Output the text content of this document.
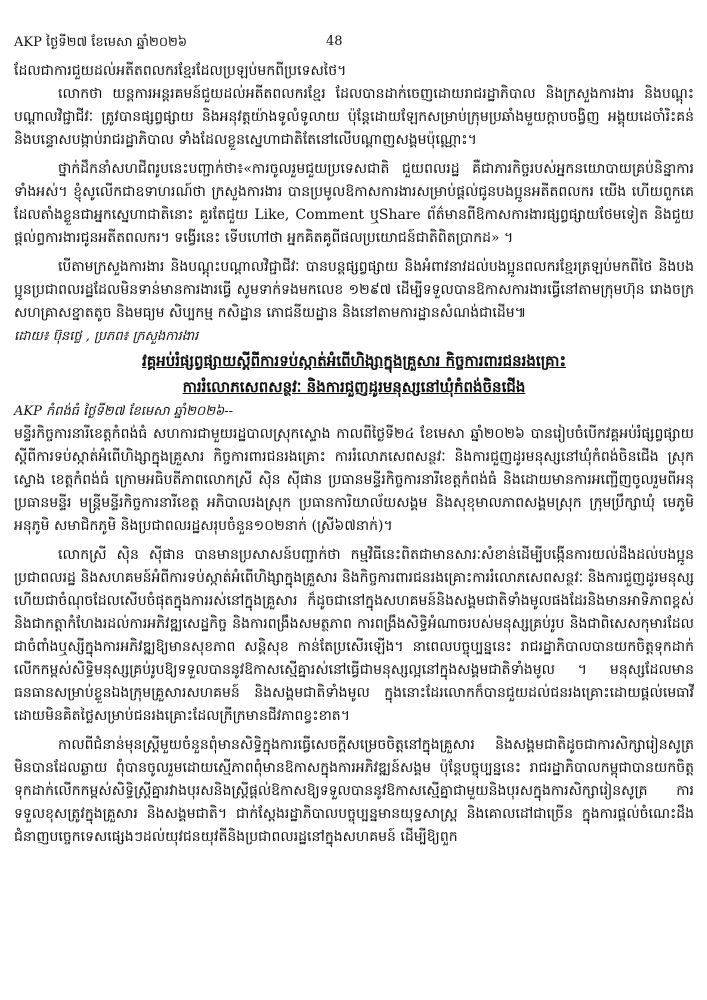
AKP ថ្ងៃទី២៧ ខែមេសា ឆ្នាំ២០២៦	48

ដែលជាការជួយដល់អតីតពលករខ្មែរដែលប្រឡប់មកពីប្រទេសថៃ។

លោកថា យន្តការអន្តរគមន៍ជួយដល់អតីតពលករខ្មែរ ដែលបានដាក់ចេញដោយរាជរដ្ឋាភិបាល និងក្រសួងការងារ និងបណ្តុះបណ្តាលវិជ្ជាជីវៈ ត្រូវបានផ្សព្វផ្សាយ និងអនុវត្តយ៉ាងទូលំទូលាយ ប៉ុន្តែដោយឡែកសម្រាប់ក្រុមប្រឆាំងមួយក្តាបចង្វិញ អង្គុយដេចាំរិះគន់ និងបន្ទោសបង្កាប់រាជរដ្ឋាភិបាល ទាំងដែលខ្លួនស្នេហាជាតិតែនៅលើបណ្ដាញសង្គមប៉ុណ្ណោះ។

ថ្នាក់ដឹកនាំសហជីពរូបនេះបញ្ជាក់ថា៖«ការចូលរួមជួយប្រទេសជាតិ ជួយពលរដ្ឋ គឺជាភារកិច្ចរបស់អ្នកនយោបាយគ្រប់និន្នាការទាំងអស់។ ខ្ញុំសូលើកជាឧទាហរណ៍ថា ក្រសួងការងារ បានប្រមូលឱកាសការងារសម្រាប់ផ្តល់ជូនបងប្អូនអតីតពលករ យើង ហើយពួកគេដែលតាំងខ្លួនជាអ្នកស្នេហាជាតិនោះ គួរតែជួយ Like, Comment ឬShare ព័ត៌មានពីឱកាសការងារផ្សព្វផ្សាយថែមទៀត និងជួយផ្តល់ព្ធការងារជូនអតីតពលករ។ ទង្វើរនេះ ទើបហៅថា អ្នកគិតគូពីផលប្រយោជន៍ជាតិពិតប្រាកដ» ។

បើតាមក្រសួងការងារ និងបណ្តុះបណ្តាលវិជ្ជាជីវៈ បានបន្តផ្សព្វផ្សាយ និងអំពាវនាវដល់បងប្អូនពលករខ្មែរត្រឡប់មកពីថៃ និងបងប្អូនប្រជាពលរដ្ឋដែលមិនទាន់មានការងារធ្វើ សូមទាក់ទងមកលេខ ១២៩៧ ដើម្បីទទួលបានឱកាសការងារធ្វើនៅតាមក្រុមហ៊ុន រោងចក្រ សហគ្រាសខ្នាតតូច និងមធ្យម សិប្បកម្ម កសិដ្ឋាន ភោជនីយដ្ឋាន និងនៅតាមការដ្ឋានសំណង់ជាដើម៕

ដោយ៖ ប៊ុនថេ្ល , ប្រភព៖ ក្រសួងការងារ
វគ្គអប់រំផ្សព្វផ្សាយស្តីពីការទប់ស្កាត់អំពើហិង្សាក្នុងគ្រួសារ កិច្ចការពារជនរងគ្រោះ
ការរំលោភសេពសន្ថវៈ និងការជួញដូរមនុស្សនៅឃុំកំពង់ចិនជើង
AKP កំពង់ធំ ថ្ងៃទី២៧ ខែមេសា ឆ្នាំ២០២៦--

មន្ទីរកិច្ចការនារីខេត្តកំពង់ធំ សហការជាមួយរដ្ឋបាលស្រុកស្ទោង កាលពីថ្ងៃទី២៤ ខែមេសា ឆ្នាំ២០២៦ បានរៀបចំបើកវគ្គអប់រំផ្សព្វផ្សាយស្តីពីការទប់ស្កាត់អំពើហិង្សាក្នុងគ្រួសារ កិច្ចការពារជនរងគ្រោះ ការរំលោភសេពសន្ថវៈ និងការជួញដូរមនុស្សនៅឃុំកំពង់ចិនជើង ស្រុកស្ទោង ខេត្តកំពង់ធំ ក្រោមអធិបតីភាពលោកស្រី ស៊ិន ស៊ីផាន ប្រធានមន្ទីរកិច្ចការនារីខេត្តកំពង់ធំ និងដោយមានការអញ្ជើញចូលរួមពីអនុប្រធានមន្ទីរ មន្ត្រីមន្ទីរកិច្ចការនារីខេត្ត អភិបាលរងស្រុក ប្រធានការិយាល័យសង្គម និងសុខុមាលភាពសង្គមស្រុក ក្រុមប្រឹក្សាឃុំ មេភូមិ អនុភូមិ សមាជិកភូមិ និងប្រជាពលរដ្ឋសរុបចំនួន១០២នាក់ (ស្រី៦៧នាក់)។

លោកស្រី ស៊ិន ស៊ីផាន បានមានប្រសាសន៍បញ្ជាក់ថា កម្មវិធីនេះពិតជាមានសារៈសំខាន់ដើម្បីបង្កើនការយល់ដឹងដល់បងប្អូនប្រជាពលរដ្ឋ និងសហគមន៍អំពីការទប់ស្កាត់អំពើហិង្សាក្នុងគ្រួសារ និងកិច្ចការពារជនរងគ្រោះការរំលោភសេពសន្ថវៈ និងការជួញដូរមនុស្សហើយជាចំណុចដែលសើបចំផុតក្នុងការរស់នៅក្នុងគ្រួសារ ក៏ដូចជានៅក្នុងសហគមន៍និងសង្គមជាតិទាំងមូលផងដែរនិងមានអាទិភាពខ្ពស់និងជាកត្តាកំហែងរដល់ការអភិវឌ្ឍសេដ្ឋកិច្ច និងការពង្រឹងសមត្ថភាព ការពង្រឹងសិទ្ធិអំណាចរបស់មនុស្សគ្រប់រូប និងជាពិសេសកុមារដែលជាចំពាំងឬស្សីក្នុងការអភិវឌ្ឍឱ្យមានសុខភាព សន្តិសុខ កាន់តែប្រសើរឡើង។ នាពេលបច្ចុប្បន្ននេះ រាជរដ្ឋាភិបាលបានយកចិត្តទុកដាក់លើកកម្ពស់សិទ្ធិមនុស្សគ្រប់រូបឱ្យទទួលបាននូវឱកាសស្មើគ្នារស់នៅធ្វើជាមនុស្សល្អនៅក្នុងសង្គមជាតិទាំងមូល ។ មនុស្សដែលមានធនធានសម្រាប់ខ្លួនឯងក្រុមគ្រួសារសហគមន៍ និងសង្គមជាតិទាំងមូល ក្នុងនោះដែរលោកក៏បានជួយដល់ជនរងគ្រោះដោយផ្តល់មេធាវីដោយមិនគិតថ្លៃសម្រាប់ជនរងគ្រោះដែលក្រីក្រមានជីវភាពខ្វះខាត។

កាលពីជំនាន់មុនស្ត្រីមួយចំនួនពុំមានសិទ្ធិក្នុងការធ្វើសេចក្តីសម្រេចចិត្តនៅក្នុងគ្រួសារ និងសង្គមជាតិដូចជាការសិក្សារៀនសូត្រមិនបានដែលឆ្ងាយ ពុំបានចូលរួមដោយស្មើភាពពុំមានឱកាសក្នុងការអភិវឌ្ឍន៍សង្គម ប៉ុន្តែបច្ចុប្បន្ននេះ រាជរដ្ឋាភិបាលកម្ពុជាបានយកចិត្តទុកដាក់លើកកម្ពស់សិទ្ធិស្ត្រីគ្នារវាងបុរសនិងស្ត្រីផ្តល់ឱកាសឱ្យទទួលបាននូវឱកាសស្មើគ្នាជាមួយនិងបុរសក្នុងការសិក្សារៀនសូត្រ ការទទួលខុសត្រូវក្នុងគ្រួសារ និងសង្គមជាតិ។ ជាក់ស្តែងរដ្ឋាភិបាលបច្ចុប្បន្នមានយុទ្ធសាស្ត្រ និងគោលដៅជាច្រើន ក្នុងការផ្តល់ចំណេះដឹង ជំនាញបច្ចេកទេសផ្សេងៗដល់យុវជនយុវតីនិងប្រជាពលរដ្ឋនៅក្នុងសហគមន៍ ដើម្បីឱ្យពួក
